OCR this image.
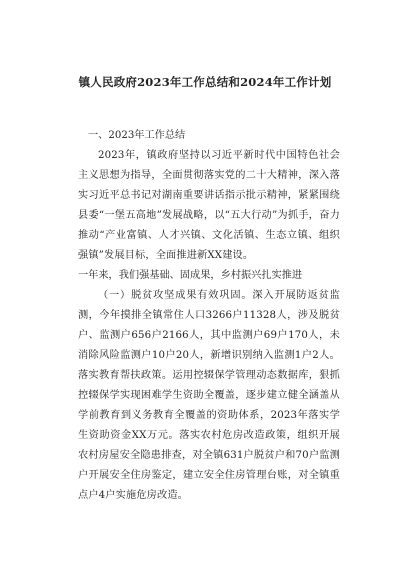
镇人民政府2023年工作总结和2024年工作计划

一、2023年工作总结

2023年，镇政府坚持以习近平新时代中国特色社会主义思想为指导，全面贯彻落实党的二十大精神，深入落实习近平总书记对湖南重要讲话指示批示精神，紧紧围绕县委“一堡五高地”发展战略，以“五大行动”为抓手，奋力推动“产业富镇、人才兴镇、文化活镇、生态立镇、组织强镇”发展目标，全面推进新XX建设。

一年来，我们强基础、固成果，乡村振兴扎实推进

（一）脱贫攻坚成果有效巩固。深入开展防返贫监测，今年摸排全镇常住人口3266户11328人，涉及脱贫户、监测户656户2166人，其中监测户69户170人，未消除风险监测户10户20人，新增识别纳入监测1户2人。落实教育帮扶政策。运用控辍保学管理动态数据库，狠抓控辍保学实现困难学生资助全覆盖，逐步建立健全涵盖从学前教育到义务教育全覆盖的资助体系，2023年落实学生资助资金XX万元。落实农村危房改造政策，组织开展农村房屋安全隐患排查，对全镇631户脱贫户和70户监测户开展安全住房鉴定，建立安全住房管理台账，对全镇重点户4户实施危房改造。
